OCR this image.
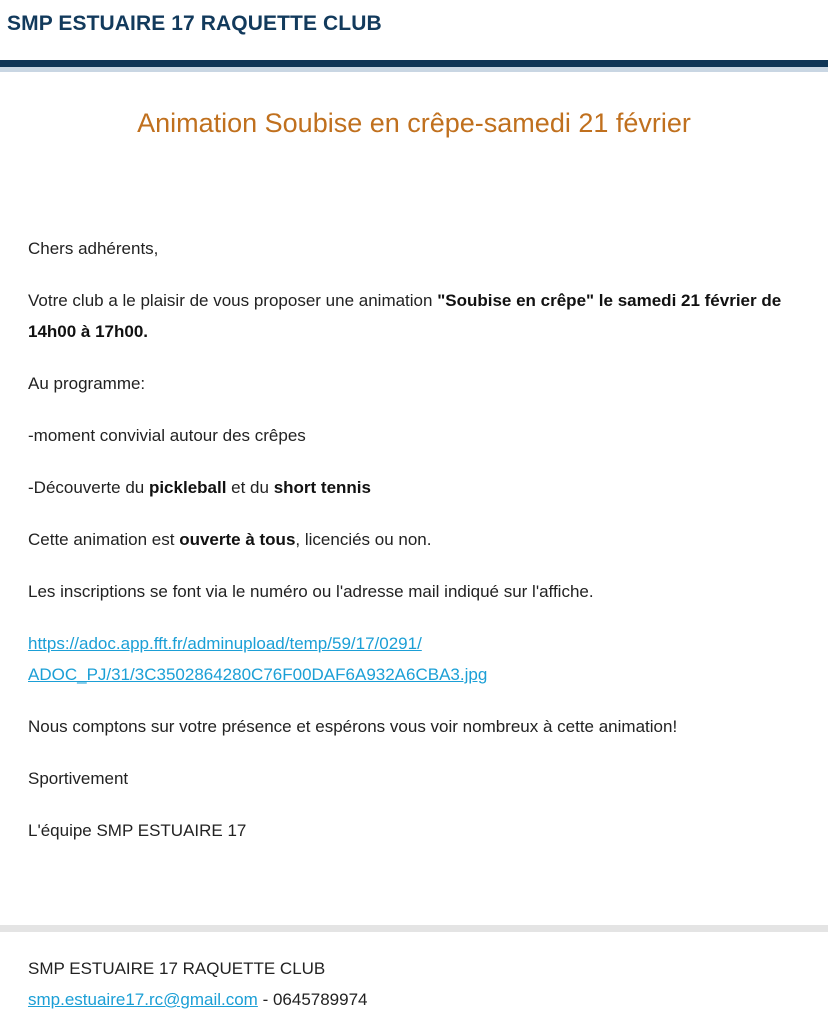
SMP ESTUAIRE 17 RAQUETTE CLUB
Animation Soubise en crêpe-samedi 21 février

Chers adhérents,

Votre club a le plaisir de vous proposer une animation "Soubise en crêpe" le samedi 21 février de 14h00 à 17h00.

Au programme:

-moment convivial autour des crêpes

-Découverte du pickleball et du short tennis

Cette animation est ouverte à tous, licenciés ou non.

Les inscriptions se font via le numéro ou l'adresse mail indiqué sur l'affiche.

https://adoc.app.fft.fr/adminupload/temp/59/17/0291/
ADOC_PJ/31/3C3502864280C76F00DAF6A932A6CBA3.jpg

Nous comptons sur votre présence et espérons vous voir nombreux à cette animation!

Sportivement

L'équipe SMP ESTUAIRE 17

SMP ESTUAIRE 17 RAQUETTE CLUB
smp.estuaire17.rc@gmail.com - 0645789974
